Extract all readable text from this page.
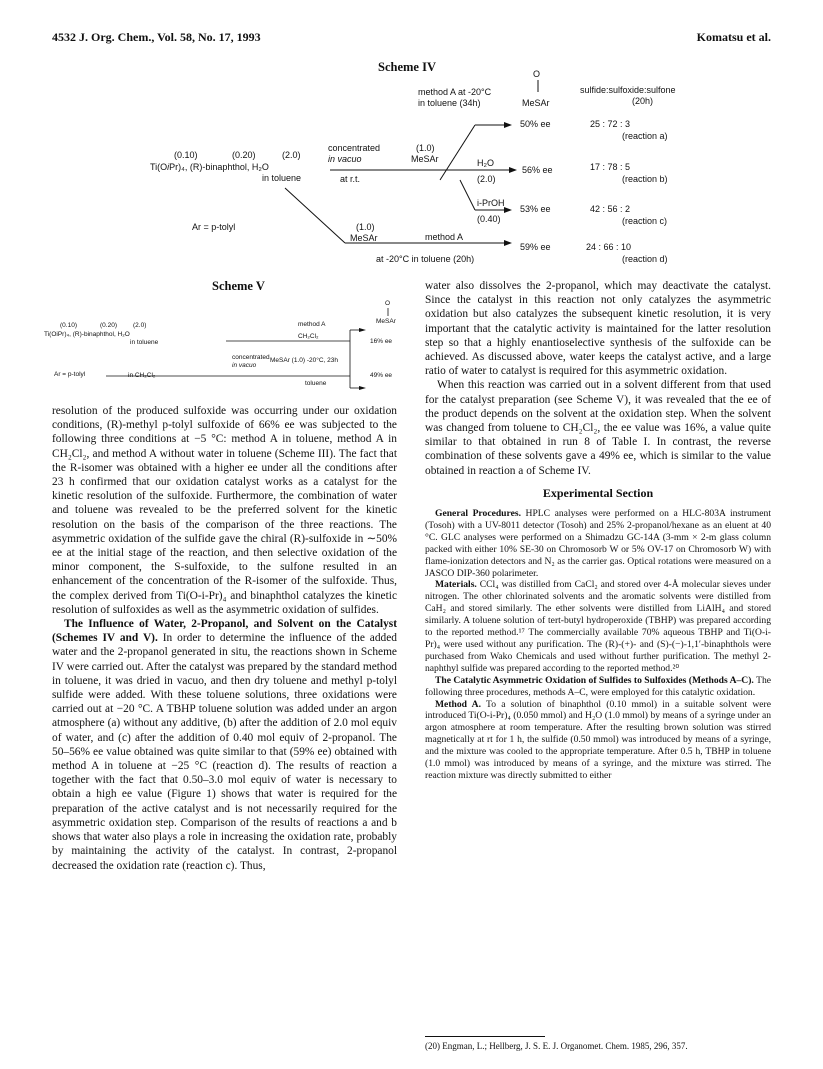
4532 J. Org. Chem., Vol. 58, No. 17, 1993	Komatsu et al.
Scheme IV
method A at -20°C
in toluene (34h)
O
MeSAr
sulfide:sulfoxide:sulfone
(20h)
(0.10)	(0.20)	(2.0)
Ti(OiPr)₄, (R)-binaphthol, H₂O
in toluene
concentrated
in vacuo
at r.t.
(1.0)
MeSAr	H₂O
(2.0)
i-PrOH
(0.40)
Ar = p-tolyl	(1.0)
MeSAr	method A
at -20°C in toluene (20h)
50% ee	25 : 72 : 3
(reaction a)
56% ee	17 : 78 : 5
(reaction b)
53% ee	42 : 56 : 2
(reaction c)
59% ee	24 : 66 : 10
(reaction d)
Scheme V
(0.10)	(0.20) (2.0)
Ti(OiPr)₄, (R)-binaphthol, H₂O
in toluene
method A
CH₂Cl₂
O
MeSAr
16% ee
concentrated
in vacuo
MeSAr (1.0) -20°C, 23h
Ar = p-tolyl	in CH₂Cl₂
toluene
49% ee

resolution of the produced sulfoxide was occurring under our oxidation conditions, (R)-methyl p-tolyl sulfoxide of 66% ee was subjected to the following three conditions at −5 °C: method A in toluene, method A in CH₂Cl₂, and method A without water in toluene (Scheme III). The fact that the R-isomer was obtained with a higher ee under all the conditions after 23 h confirmed that our oxidation catalyst works as a catalyst for the kinetic resolution of the sulfoxide. Furthermore, the combination of water and toluene was revealed to be the preferred solvent for the kinetic resolution on the basis of the comparison of the three reactions. The asymmetric oxidation of the sulfide gave the chiral (R)-sulfoxide in ∼50% ee at the initial stage of the reaction, and then selective oxidation of the minor component, the S-sulfoxide, to the sulfone resulted in an enhancement of the concentration of the R-isomer of the sulfoxide. Thus, the complex derived from Ti(O-i-Pr)₄ and binaphthol catalyzes the kinetic resolution of sulfoxides as well as the asymmetric oxidation of sulfides.

The Influence of Water, 2-Propanol, and Solvent on the Catalyst (Schemes IV and V). In order to determine the influence of the added water and the 2-propanol generated in situ, the reactions shown in Scheme IV were carried out. After the catalyst was prepared by the standard method in toluene, it was dried in vacuo, and then dry toluene and methyl p-tolyl sulfide were added. With these toluene solutions, three oxidations were carried out at −20 °C. A TBHP toluene solution was added under an argon atmosphere (a) without any additive, (b) after the addition of 2.0 mol equiv of water, and (c) after the addition of 0.40 mol equiv of 2-propanol. The 50–56% ee value obtained was quite similar to that (59% ee) obtained with method A in toluene at −25 °C (reaction d). The results of reaction a together with the fact that 0.50–3.0 mol equiv of water is necessary to obtain a high ee value (Figure 1) shows that water is required for the preparation of the active catalyst and is not necessarily required for the asymmetric oxidation step. Comparison of the results of reactions a and b shows that water also plays a role in increasing the oxidation rate, probably by maintaining the activity of the catalyst. In contrast, 2-propanol decreased the oxidation rate (reaction c). Thus,

water also dissolves the 2-propanol, which may deactivate the catalyst. Since the catalyst in this reaction not only catalyzes the asymmetric oxidation but also catalyzes the subsequent kinetic resolution, it is very important that the catalytic activity is maintained for the latter resolution step so that a highly enantioselective synthesis of the sulfoxide can be achieved. As discussed above, water keeps the catalyst active, and a large ratio of water to catalyst is required for this asymmetric oxidation.

When this reaction was carried out in a solvent different from that used for the catalyst preparation (see Scheme V), it was revealed that the ee of the product depends on the solvent at the oxidation step. When the solvent was changed from toluene to CH₂Cl₂, the ee value was 16%, a value quite similar to that obtained in run 8 of Table I. In contrast, the reverse combination of these solvents gave a 49% ee, which is similar to the value obtained in reaction a of Scheme IV.

Experimental Section

General Procedures. HPLC analyses were performed on a HLC-803A instrument (Tosoh) with a UV-8011 detector (Tosoh) and 25% 2-propanol/hexane as an eluent at 40 °C. GLC analyses were performed on a Shimadzu GC-14A (3-mm × 2-m glass column packed with either 10% SE-30 on Chromosorb W or 5% OV-17 on Chromosorb W) with flame-ionization detectors and N₂ as the carrier gas. Optical rotations were measured on a JASCO DIP-360 polarimeter.

Materials. CCl₄ was distilled from CaCl₂ and stored over 4-Å molecular sieves under nitrogen. The other chlorinated solvents and the aromatic solvents were distilled from CaH₂ and stored similarly. The ether solvents were distilled from LiAlH₄ and stored similarly. A toluene solution of tert-butyl hydroperoxide (TBHP) was prepared according to the reported method.¹⁷ The commercially available 70% aqueous TBHP and Ti(O-i-Pr)₄ were used without any purification. The (R)-(+)- and (S)-(−)-1,1′-binaphthols were purchased from Wako Chemicals and used without further purification. The methyl 2-naphthyl sulfide was prepared according to the reported method.²⁰

The Catalytic Asymmetric Oxidation of Sulfides to Sulfoxides (Methods A–C). The following three procedures, methods A–C, were employed for this catalytic oxidation.

Method A. To a solution of binaphthol (0.10 mmol) in a suitable solvent were introduced Ti(O-i-Pr)₄ (0.050 mmol) and H₂O (1.0 mmol) by means of a syringe under an argon atmosphere at room temperature. After the resulting brown solution was stirred magnetically at rt for 1 h, the sulfide (0.50 mmol) was introduced by means of a syringe, and the mixture was cooled to the appropriate temperature. After 0.5 h, TBHP in toluene (1.0 mmol) was introduced by means of a syringe, and the mixture was stirred. The reaction mixture was directly submitted to either

(20) Engman, L.; Hellberg, J. S. E. J. Organomet. Chem. 1985, 296, 357.
